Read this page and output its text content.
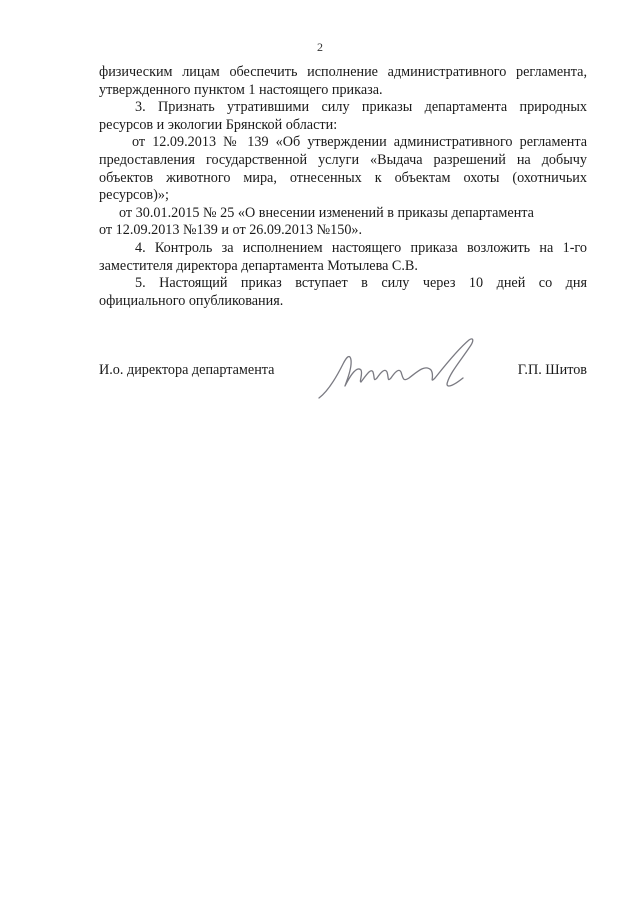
2
физическим лицам обеспечить исполнение административного регламента,
утвержденного пунктом 1 настоящего приказа.
3. Признать утратившими силу приказы департамента природных
ресурсов и экологии Брянской области:
от 12.09.2013 № 139 «Об утверждении административного регламента
предоставления государственной услуги «Выдача разрешений на добычу
объектов животного мира, отнесенных к объектам охоты (охотничьих
ресурсов)»;
от 30.01.2015 № 25 «О внесении изменений в приказы департамента
от 12.09.2013 №139 и от 26.09.2013 №150».
4. Контроль за исполнением настоящего приказа возложить на 1-го
заместителя директора департамента Мотылева С.В.
5. Настоящий приказ вступает в силу через 10 дней со дня
официального опубликования.
И.о. директора департамента	Г.П. Шитов
